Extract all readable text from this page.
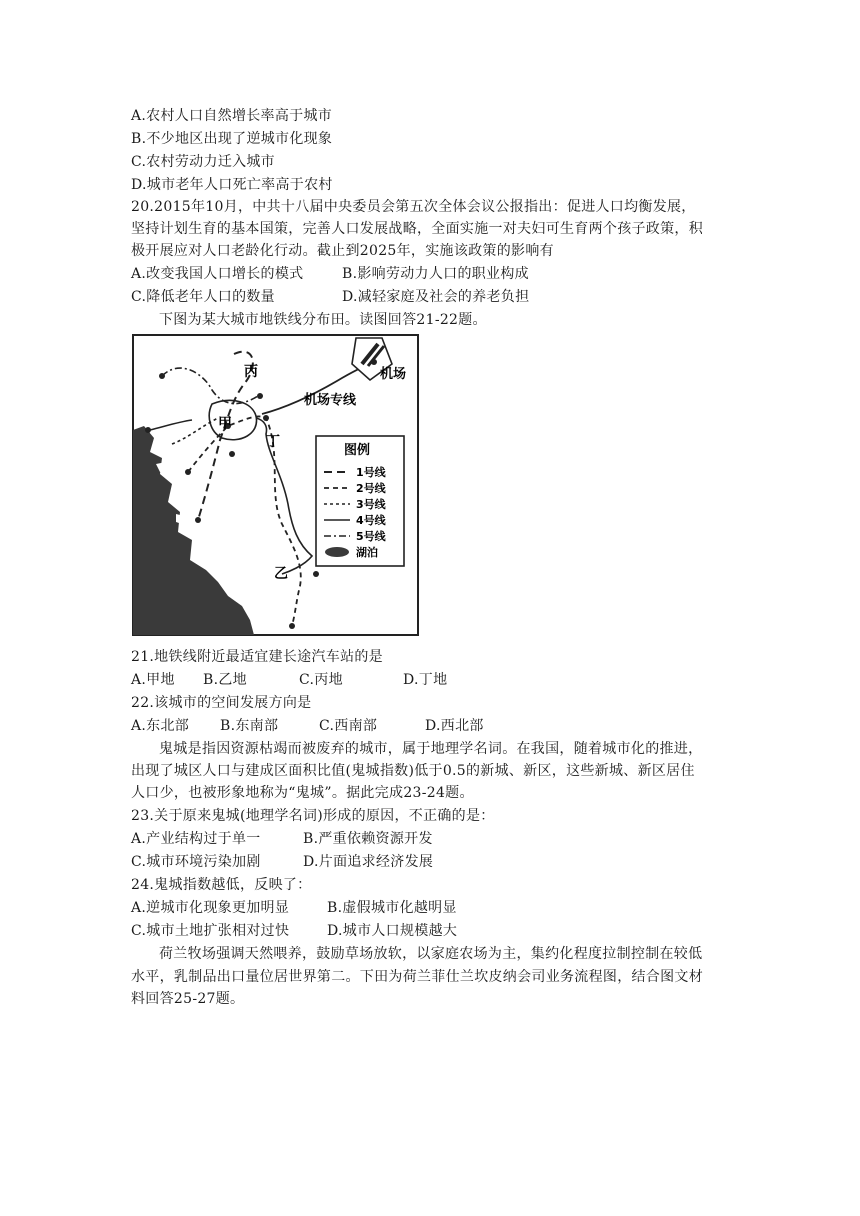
A.农村人口自然增长率高于城市
B.不少地区出现了逆城市化现象
C.农村劳动力迁入城市
D.城市老年人口死亡率高于农村
20.2015年10月，中共十八届中央委员会第五次全体会议公报指出：促进人口均衡发展，
坚持计划生育的基本国策，完善人口发展战略，全面实施一对夫妇可生育两个孩子政策，积
极开展应对人口老龄化行动。截止到2025年，实施该政策的影响有
A.改变我国人口增长的模式	B.影响劳动力人口的职业构成
C.降低老年人口的数量	D.减轻家庭及社会的养老负担
下图为某大城市地铁线分布田。读图回答21-22题。
丙
甲
丁
乙
机场
机场专线
图例
1号线
2号线
3号线
4号线
5号线
湖泊
21.地铁线附近最适宜建长途汽车站的是
A.甲地 B.乙地	C.丙地	D.丁地
22.该城市的空间发展方向是
A.东北部 B.东南部	C.西南部	D.西北部
鬼城是指因资源枯竭而被废弃的城市，属于地理学名词。在我国，随着城市化的推进，
出现了城区人口与建成区面积比值(鬼城指数)低于0.5的新城、新区，这些新城、新区居住
人口少，也被形象地称为“鬼城”。据此完成23-24题。
23.关于原来鬼城(地理学名词)形成的原因，不正确的是：
A.产业结构过于单一	B.严重依赖资源开发
C.城市环境污染加剧	D.片面追求经济发展
24.鬼城指数越低，反映了：
A.逆城市化现象更加明显	B.虚假城市化越明显
C.城市土地扩张相对过快	D.城市人口规模越大
荷兰牧场强调天然喂养，鼓励草场放软，以家庭农场为主，集约化程度拉制控制在较低
水平，乳制品出口量位居世界第二。下田为荷兰菲仕兰坎皮纳会司业务流程图，结合图文材
料回答25-27题。
